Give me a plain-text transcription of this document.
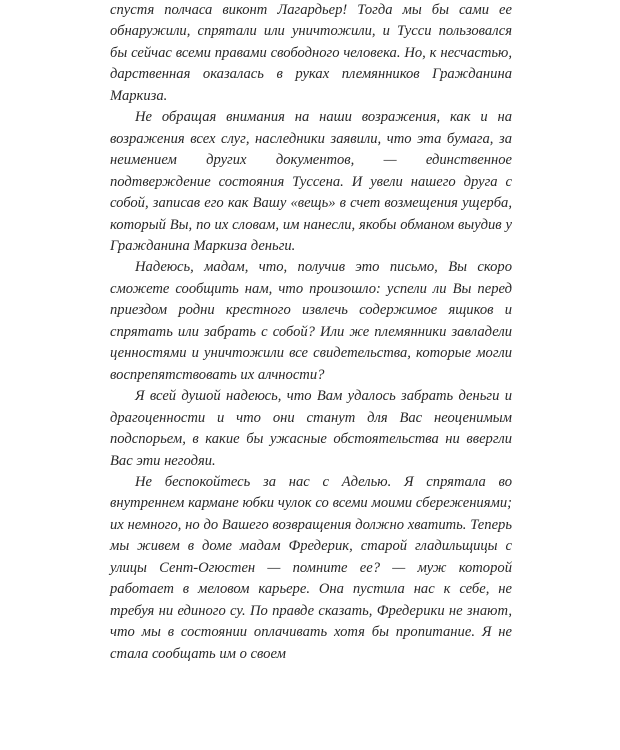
спустя полчаса виконт Лагардьер! Тогда мы бы сами ее обнаружили, спрятали или уничтожили, и Тусси пользовался бы сейчас всеми правами свободного человека. Но, к несчастью, дарственная оказалась в руках племянников Гражданина Маркиза.

Не обращая внимания на наши возражения, как и на возражения всех слуг, наследники заявили, что эта бумага, за неимением других документов, — единственное подтверждение состояния Туссена. И увели нашего друга с собой, записав его как Вашу «вещь» в счет возмещения ущерба, который Вы, по их словам, им нанесли, якобы обманом выудив у Гражданина Маркиза деньги.

Надеюсь, мадам, что, получив это письмо, Вы скоро сможете сообщить нам, что произошло: успели ли Вы перед приездом родни крестного извлечь содержимое ящиков и спрятать или забрать с собой? Или же племянники завладели ценностями и уничтожили все свидетельства, которые могли воспрепятствовать их алчности?

Я всей душой надеюсь, что Вам удалось забрать деньги и драгоценности и что они станут для Вас неоценимым подспорьем, в какие бы ужасные обстоятельства ни ввергли Вас эти негодяи.

Не беспокойтесь за нас с Аделью. Я спрятала во внутреннем кармане юбки чулок со всеми моими сбережениями; их немного, но до Вашего возвращения должно хватить. Теперь мы живем в доме мадам Фредерик, старой гладильщицы с улицы Сент-Огюстен — помните ее? — муж которой работает в меловом карьере. Она пустила нас к себе, не требуя ни единого су. По правде сказать, Фредерики не знают, что мы в состоянии оплачивать хотя бы пропитание. Я не стала сообщать им о своем
